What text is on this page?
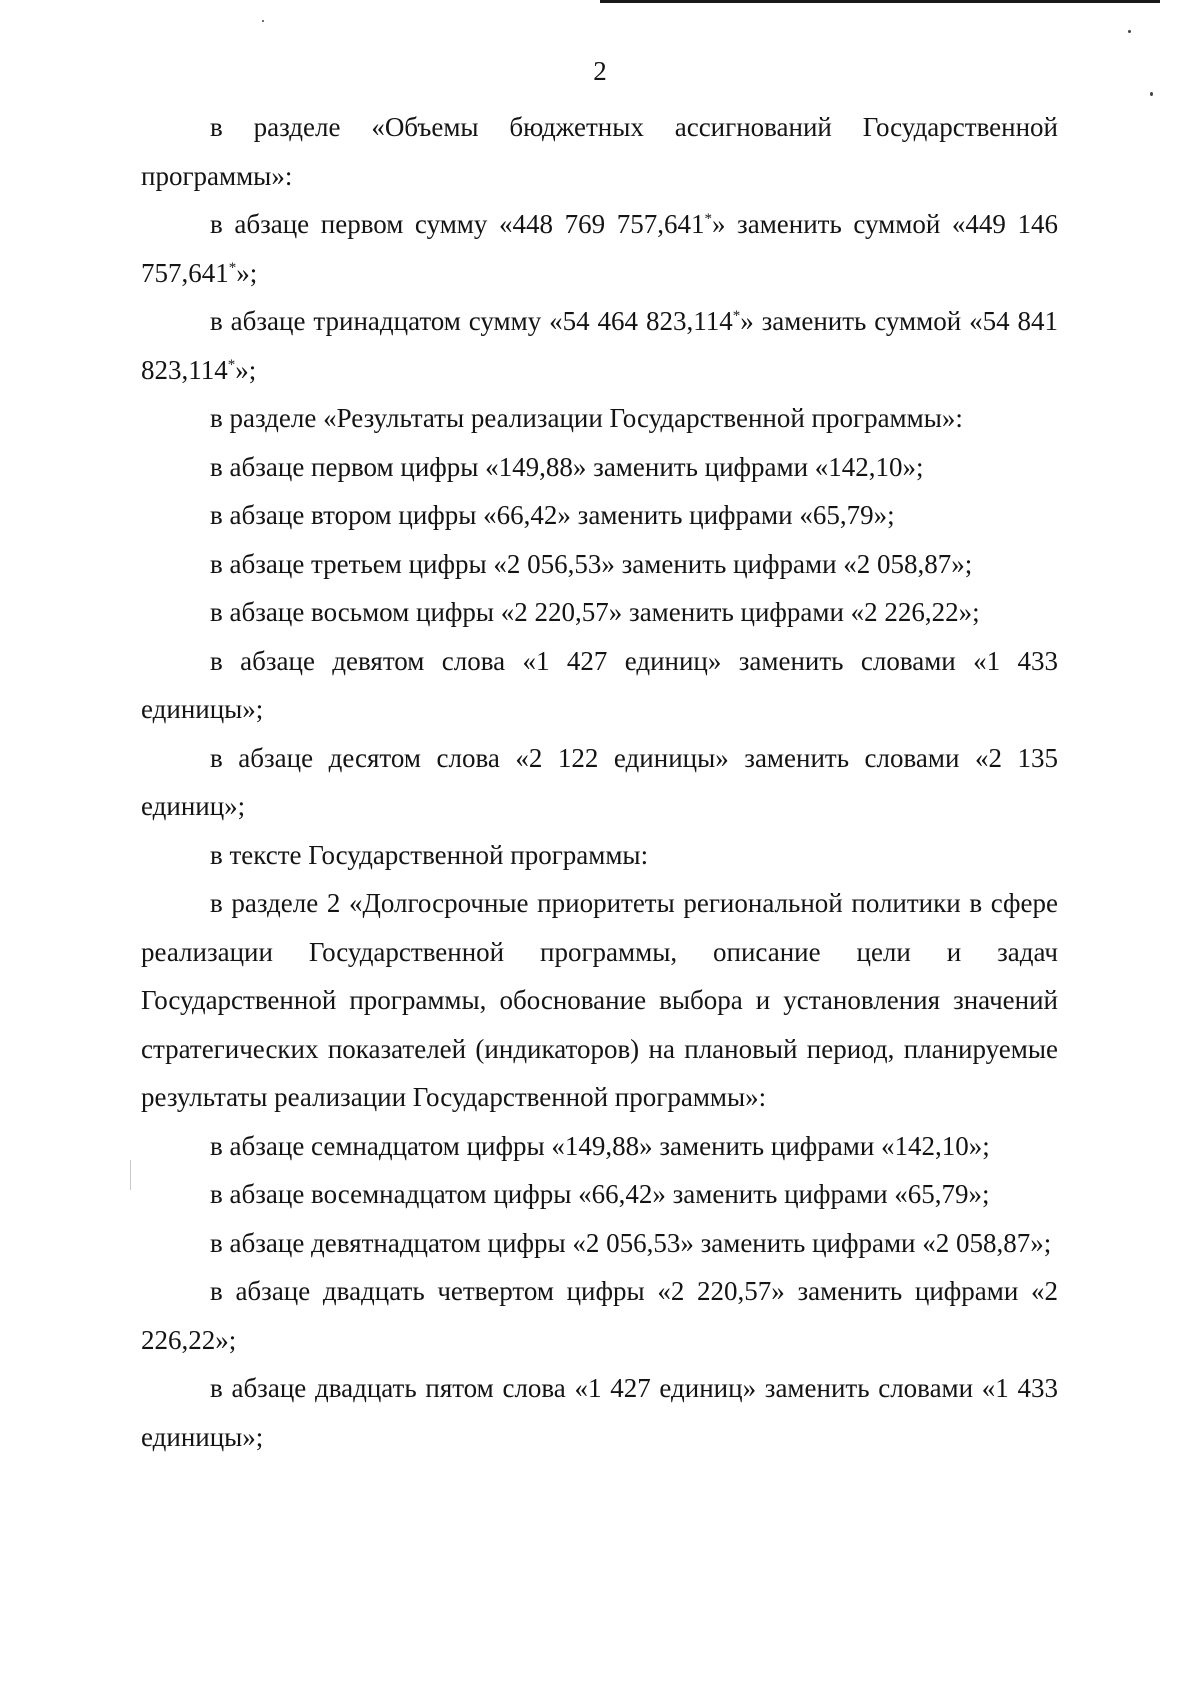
2

в разделе «Объемы бюджетных ассигнований Государственной программы»:

в абзаце первом сумму «448 769 757,641*» заменить суммой «449 146 757,641*»;

в абзаце тринадцатом сумму «54 464 823,114*» заменить суммой «54 841 823,114*»;

в разделе «Результаты реализации Государственной программы»:

в абзаце первом цифры «149,88» заменить цифрами «142,10»;

в абзаце втором цифры «66,42» заменить цифрами «65,79»;

в абзаце третьем цифры «2 056,53» заменить цифрами «2 058,87»;

в абзаце восьмом цифры «2 220,57» заменить цифрами «2 226,22»;

в абзаце девятом слова «1 427 единиц» заменить словами «1 433 единицы»;

в абзаце десятом слова «2 122 единицы» заменить словами «2 135 единиц»;

в тексте Государственной программы:

в разделе 2 «Долгосрочные приоритеты региональной политики в сфере реализации Государственной программы, описание цели и задач Государственной программы, обоснование выбора и установления значений стратегических показателей (индикаторов) на плановый период, планируемые результаты реализации Государственной программы»:

в абзаце семнадцатом цифры «149,88» заменить цифрами «142,10»;

в абзаце восемнадцатом цифры «66,42» заменить цифрами «65,79»;

в абзаце девятнадцатом цифры «2 056,53» заменить цифрами «2 058,87»;

в абзаце двадцать четвертом цифры «2 220,57» заменить цифрами «2 226,22»;

в абзаце двадцать пятом слова «1 427 единиц» заменить словами «1 433 единицы»;
